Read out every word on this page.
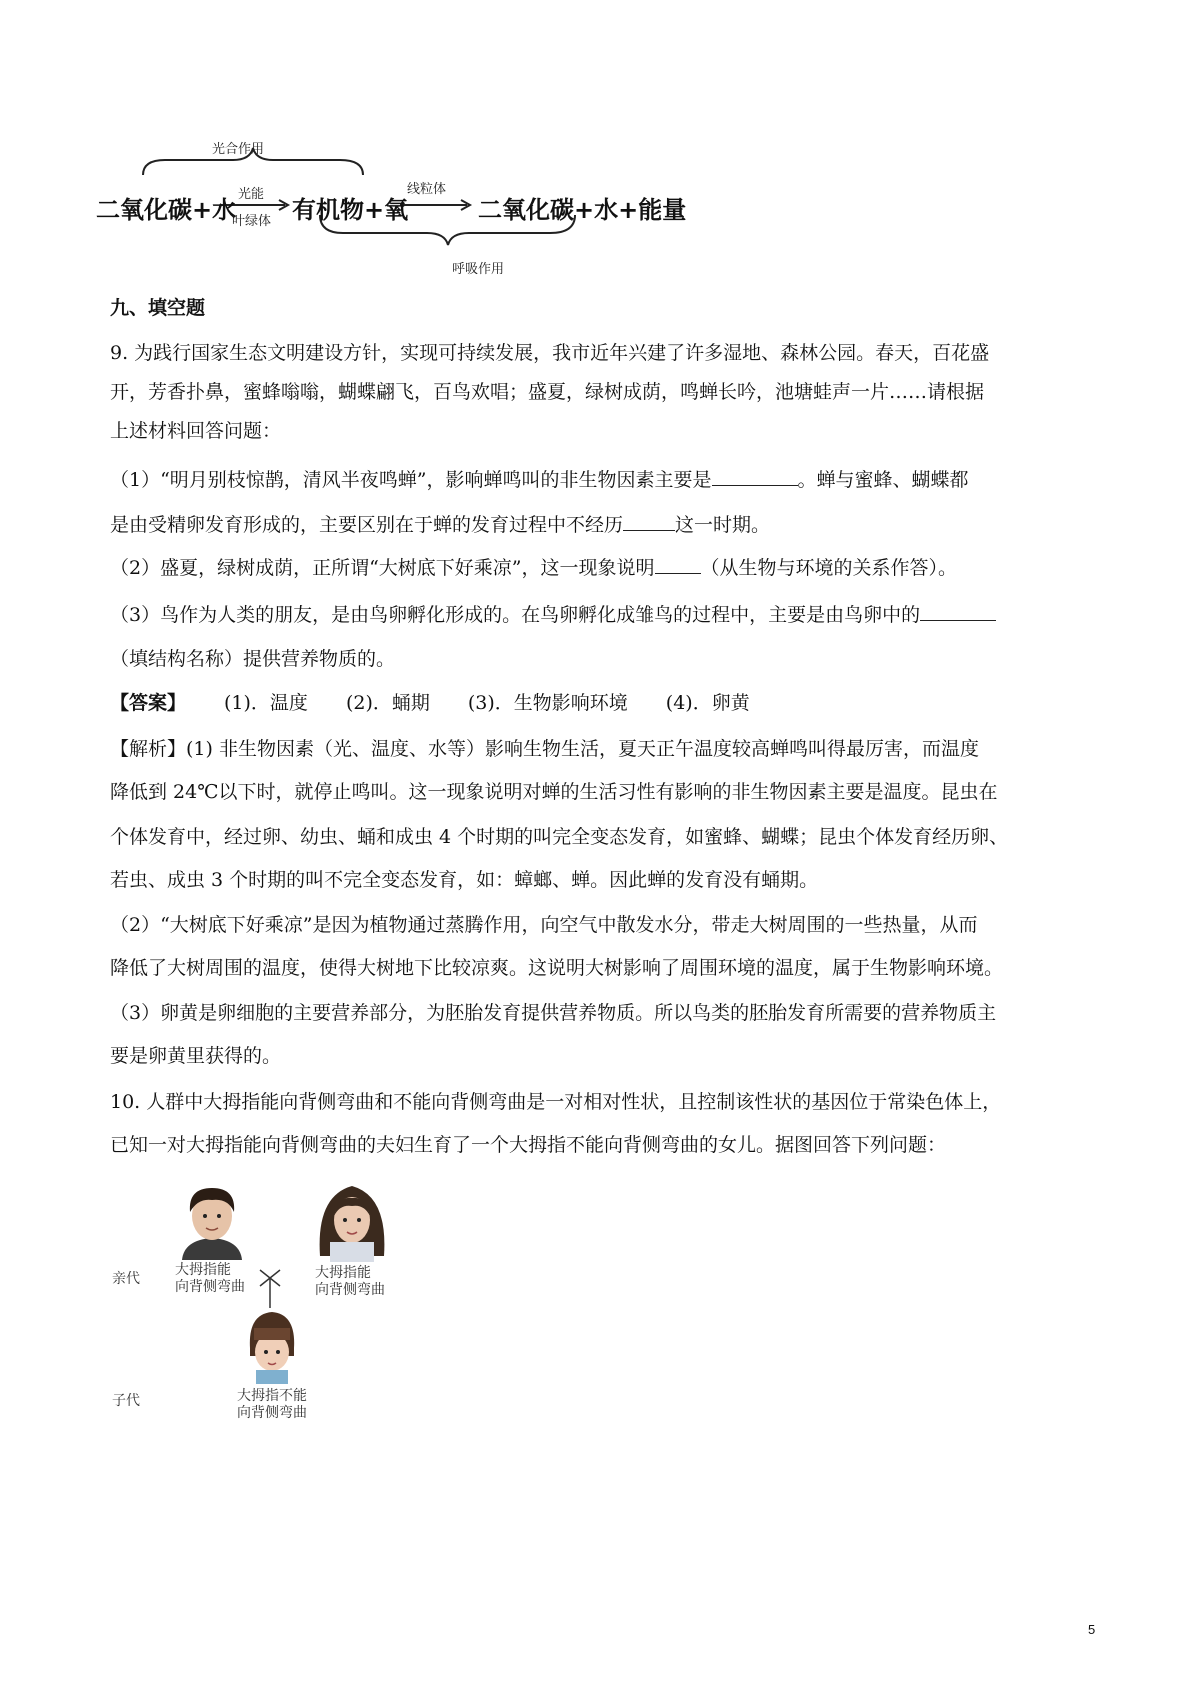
光合作用
二氧化碳+水
光能
叶绿体 有机物+氧
线粒体
二氧化碳+水+能量
呼吸作用
九、填空题
9. 为践行国家生态文明建设方针，实现可持续发展，我市近年兴建了许多湿地、森林公园。春天，百花盛
开，芳香扑鼻，蜜蜂嗡嗡，蝴蝶翩飞，百鸟欢唱；盛夏，绿树成荫，鸣蝉长吟，池塘蛙声一片……请根据
上述材料回答问题：
（1）“明月别枝惊鹊，清风半夜鸣蝉”，影响蝉鸣叫的非生物因素主要是	。蝉与蜜蜂、蝴蝶都
是由受精卵发育形成的，主要区别在于蝉的发育过程中不经历	这一时期。
（2）盛夏，绿树成荫，正所谓“大树底下好乘凉”，这一现象说明 （从生物与环境的关系作答）。
（3）鸟作为人类的朋友，是由鸟卵孵化形成的。在鸟卵孵化成雏鸟的过程中，主要是由鸟卵中的
（填结构名称）提供营养物质的。
【答案】 (1)．温度 (2)．蛹期 (3)．生物影响环境 (4)．卵黄
【解析】(1) 非生物因素（光、温度、水等）影响生物生活，夏天正午温度较高蝉鸣叫得最厉害，而温度
降低到 24℃以下时，就停止鸣叫。这一现象说明对蝉的生活习性有影响的非生物因素主要是温度。昆虫在
个体发育中，经过卵、幼虫、蛹和成虫 4 个时期的叫完全变态发育，如蜜蜂、蝴蝶；昆虫个体发育经历卵、
若虫、成虫 3 个时期的叫不完全变态发育，如：蟑螂、蝉。因此蝉的发育没有蛹期。
（2）“大树底下好乘凉”是因为植物通过蒸腾作用，向空气中散发水分，带走大树周围的一些热量，从而
降低了大树周围的温度，使得大树地下比较凉爽。这说明大树影响了周围环境的温度，属于生物影响环境。
（3）卵黄是卵细胞的主要营养部分，为胚胎发育提供营养物质。所以鸟类的胚胎发育所需要的营养物质主
要是卵黄里获得的。
10. 人群中大拇指能向背侧弯曲和不能向背侧弯曲是一对相对性状，且控制该性状的基因位于常染色体上，
已知一对大拇指能向背侧弯曲的夫妇生育了一个大拇指不能向背侧弯曲的女儿。据图回答下列问题：
亲代
子代
大拇指能
向背侧弯曲
大拇指能
向背侧弯曲
大拇指不能
向背侧弯曲
5
